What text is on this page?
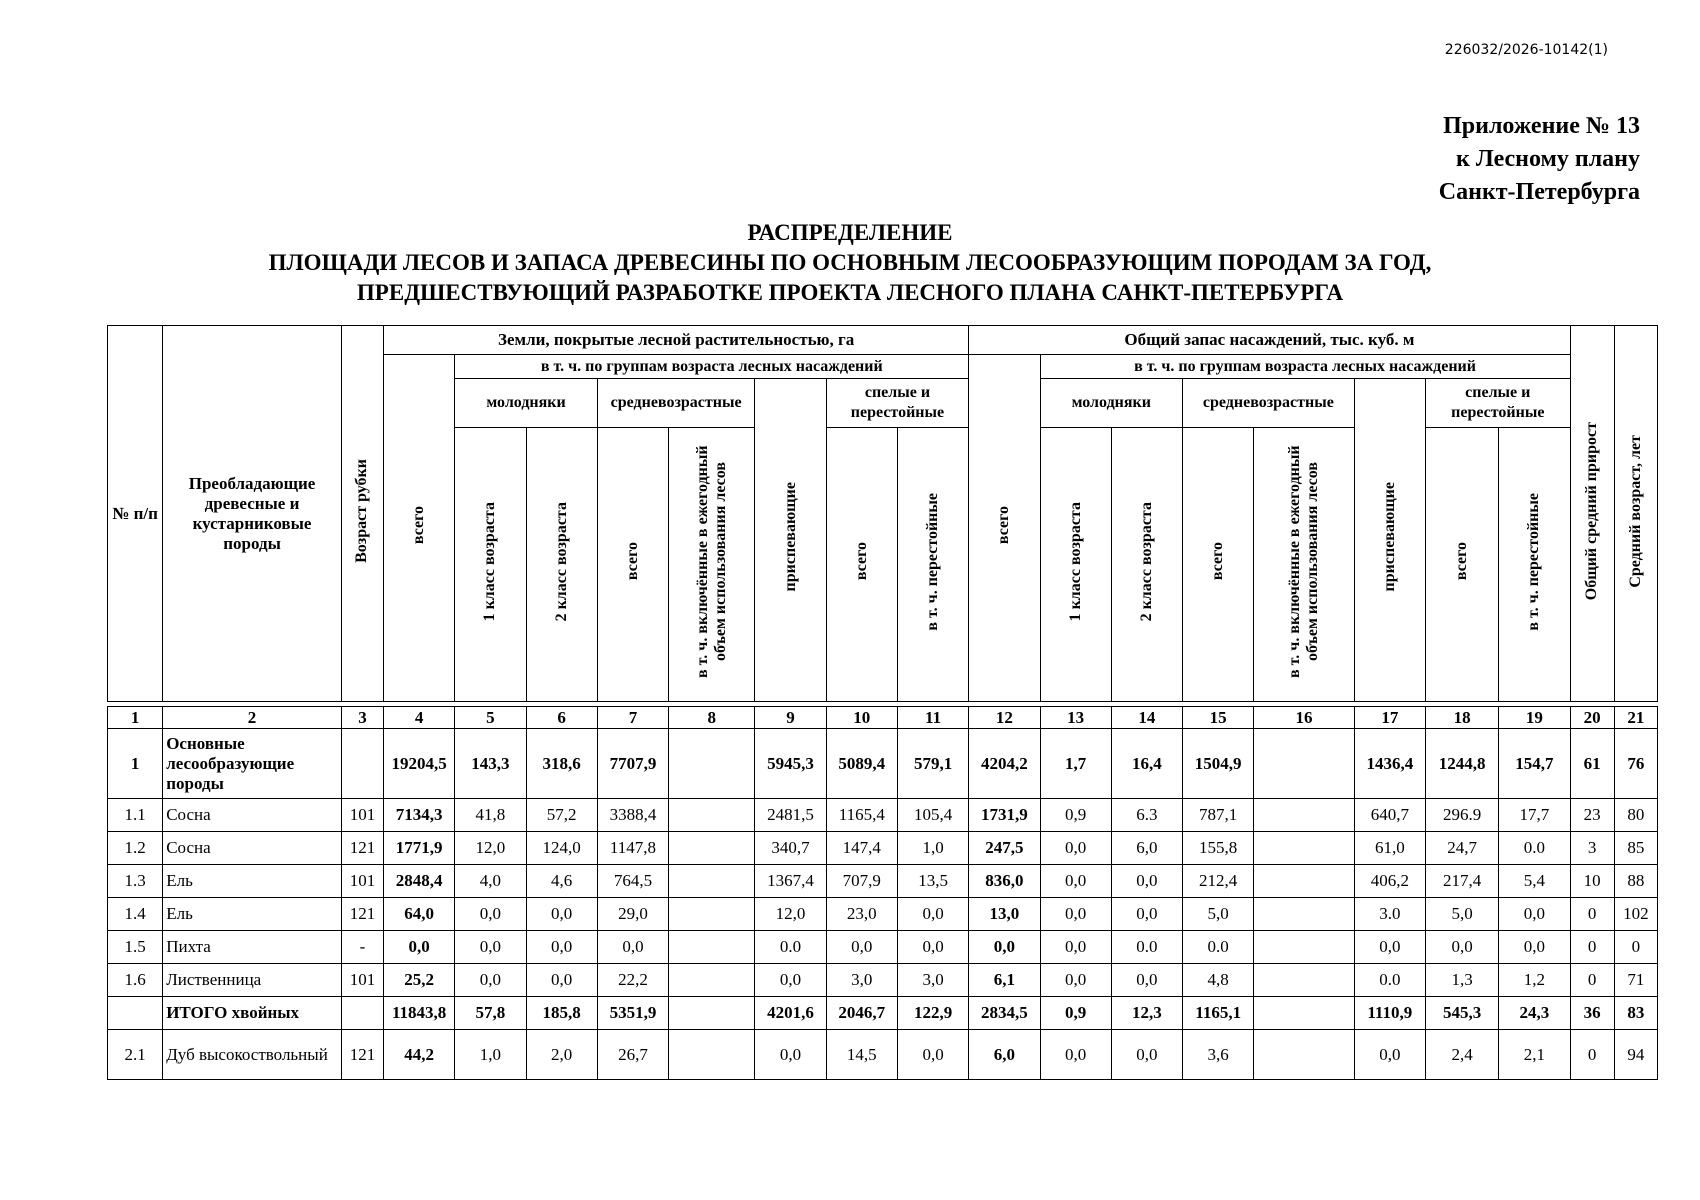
226032/2026-10142(1)
Приложение № 13
к Лесному плану
Санкт-Петербурга
РАСПРЕДЕЛЕНИЕ
ПЛОЩАДИ ЛЕСОВ И ЗАПАСА ДРЕВЕСИНЫ ПО ОСНОВНЫМ ЛЕСООБРАЗУЮЩИМ ПОРОДАМ ЗА ГОД,
ПРЕДШЕСТВУЮЩИЙ РАЗРАБОТКЕ ПРОЕКТА ЛЕСНОГО ПЛАНА САНКТ-ПЕТЕРБУРГА
№ п/п	Преобладающие древесные и кустарниковые породы	Возраст рубки	Земли, покрытые лесной растительностью, га								Общий запас насаждений, тыс. куб. м								Общий средний прирост	Средний возраст, лет
			всего	в т. ч. по группам возраста лесных насаждений							всего	в т. ч. по группам возраста лесных насаждений								
				молодняки		средневозрастные		приспевающие	спелые и перестойные			молодняки		средневозрастные		приспевающие	спелые и перестойные			
				1 класс возраста	2 класс возраста	всего	в т. ч. включённые в ежегодный объем использования лесов		всего	в т. ч. перестойные		1 класс возраста	2 класс возраста	всего	в т. ч. включённые в ежегодный объем использования лесов		всего	в т. ч. перестойные		

1	2	3	4	5	6	7	8	9	10	11	12	13	14	15	16	17	18	19	20	21
1	Основные лесообразующие породы		19204,5	143,3	318,6	7707,9		5945,3	5089,4	579,1	4204,2	1,7	16,4	1504,9		1436,4	1244,8	154,7	61	76
1.1	Сосна	101	7134,3	41,8	57,2	3388,4		2481,5	1165,4	105,4	1731,9	0,9	6.3	787,1		640,7	296.9	17,7	23	80
1.2	Сосна	121	1771,9	12,0	124,0	1147,8		340,7	147,4	1,0	247,5	0,0	6,0	155,8		61,0	24,7	0.0	3	85
1.3	Ель	101	2848,4	4,0	4,6	764,5		1367,4	707,9	13,5	836,0	0,0	0,0	212,4		406,2	217,4	5,4	10	88
1.4	Ель	121	64,0	0,0	0,0	29,0		12,0	23,0	0,0	13,0	0,0	0,0	5,0		3.0	5,0	0,0	0	102
1.5	Пихта	-	0,0	0,0	0,0	0,0		0.0	0,0	0,0	0,0	0,0	0.0	0.0		0,0	0,0	0,0	0	0
1.6	Лиственница	101	25,2	0,0	0,0	22,2		0,0	3,0	3,0	6,1	0,0	0,0	4,8		0.0	1,3	1,2	0	71
	ИТОГО хвойных		11843,8	57,8	185,8	5351,9		4201,6	2046,7	122,9	2834,5	0,9	12,3	1165,1		1110,9	545,3	24,3	36	83
2.1	Дуб высокоствольный	121	44,2	1,0	2,0	26,7		0,0	14,5	0,0	6,0	0,0	0,0	3,6		0,0	2,4	2,1	0	94
